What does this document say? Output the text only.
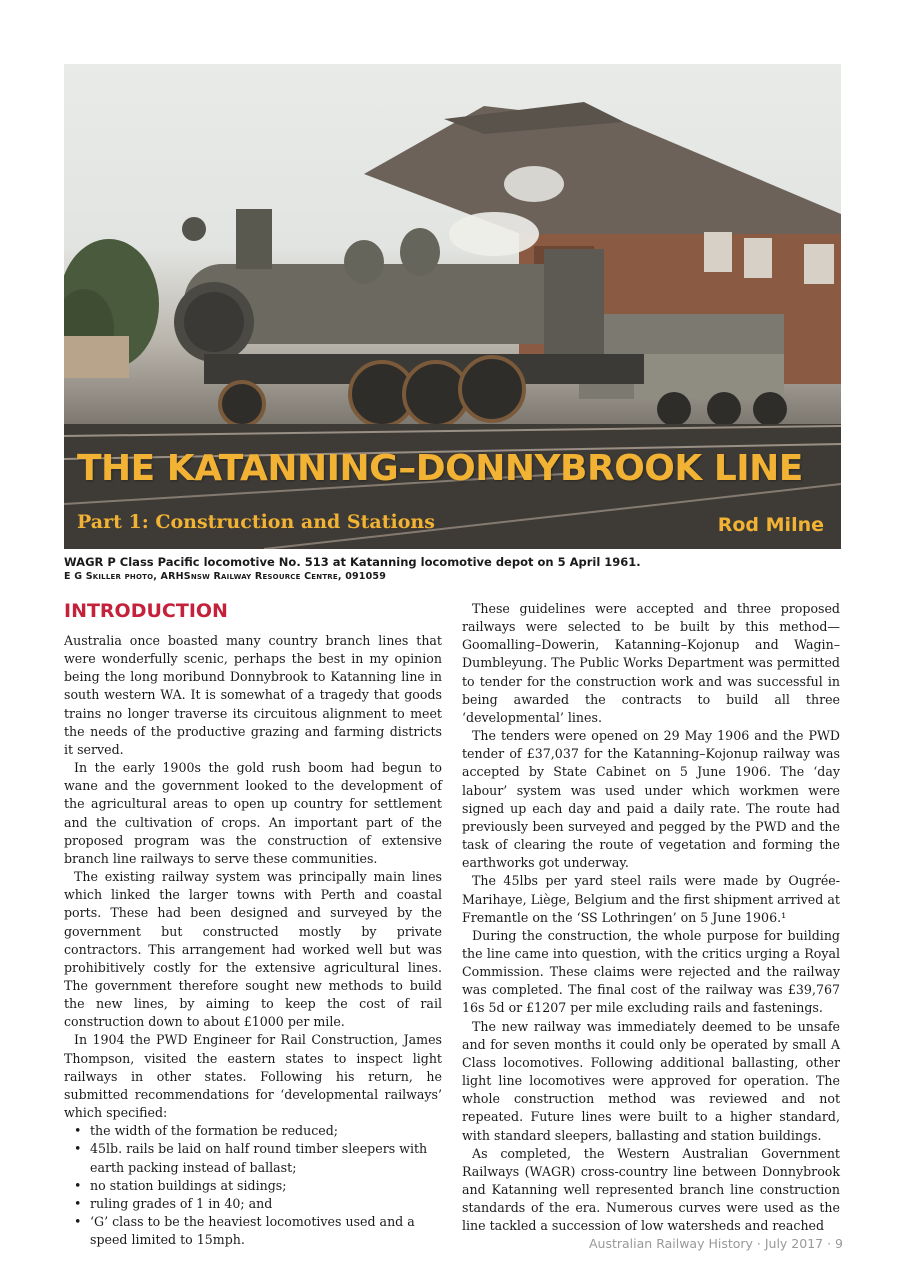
THE KATANNING–DONNYBROOK LINE
Part 1: Construction and Stations	Rod Milne
WAGR P Class Pacific locomotive No. 513 at Katanning locomotive depot on 5 April 1961.
E G Skiller photo, ARHSnsw Railway Resource Centre, 091059
INTRODUCTION

Australia once boasted many country branch lines that were wonderfully scenic, perhaps the best in my opinion being the long moribund Donnybrook to Katanning line in south western WA. It is somewhat of a tragedy that goods trains no longer traverse its circuitous alignment to meet the needs of the productive grazing and farming districts it served.

In the early 1900s the gold rush boom had begun to wane and the government looked to the development of the agricultural areas to open up country for settlement and the cultivation of crops. An important part of the proposed program was the construction of extensive branch line railways to serve these communities.

The existing railway system was principally main lines which linked the larger towns with Perth and coastal ports. These had been designed and surveyed by the government but constructed mostly by private contractors. This arrangement had worked well but was prohibitively costly for the extensive agricultural lines. The government therefore sought new methods to build the new lines, by aiming to keep the cost of rail construction down to about £1000 per mile.

In 1904 the PWD Engineer for Rail Construction, James Thompson, visited the eastern states to inspect light railways in other states. Following his return, he submitted recommendations for ‘developmental railways’ which specified:

• the width of the formation be reduced;
• 45lb. rails be laid on half round timber sleepers with earth packing instead of ballast;
• no station buildings at sidings;
• ruling grades of 1 in 40; and
• ‘G’ class to be the heaviest locomotives used and a speed limited to 15mph.

These guidelines were accepted and three proposed railways were selected to be built by this method—Goomalling–Dowerin, Katanning–Kojonup and Wagin–Dumbleyung. The Public Works Department was permitted to tender for the construction work and was successful in being awarded the contracts to build all three ‘developmental’ lines.

The tenders were opened on 29 May 1906 and the PWD tender of £37,037 for the Katanning–Kojonup railway was accepted by State Cabinet on 5 June 1906. The ‘day labour’ system was used under which workmen were signed up each day and paid a daily rate. The route had previously been surveyed and pegged by the PWD and the task of clearing the route of vegetation and forming the earthworks got underway.

The 45lbs per yard steel rails were made by Ougrée-Marihaye, Liège, Belgium and the first shipment arrived at Fremantle on the ‘SS Lothringen’ on 5 June 1906.¹

During the construction, the whole purpose for building the line came into question, with the critics urging a Royal Commission. These claims were rejected and the railway was completed. The final cost of the railway was £39,767 16s 5d or £1207 per mile excluding rails and fastenings.

The new railway was immediately deemed to be unsafe and for seven months it could only be operated by small A Class locomotives. Following additional ballasting, other light line locomotives were approved for operation. The whole construction method was reviewed and not repeated. Future lines were built to a higher standard, with standard sleepers, ballasting and station buildings.

As completed, the Western Australian Government Railways (WAGR) cross-country line between Donnybrook and Katanning well represented branch line construction standards of the era. Numerous curves were used as the line tackled a succession of low watersheds and reached

Australian Railway History · July 2017 · 9
